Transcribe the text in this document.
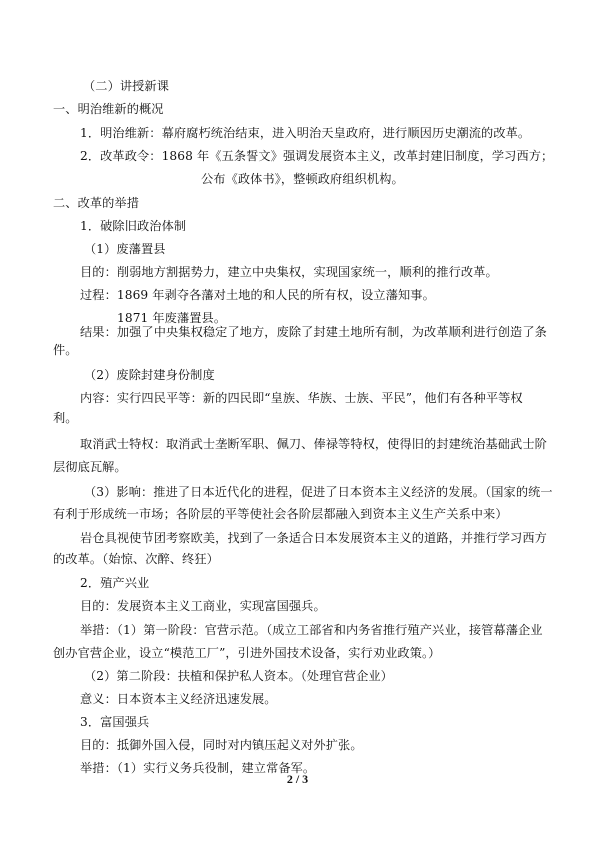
（二）讲授新课
一、明治维新的概况
1．明治维新：幕府腐朽统治结束，进入明治天皇政府，进行顺因历史潮流的改革。
2．改革政令：1868 年《五条誓文》强调发展资本主义，改革封建旧制度，学习西方；
公布《政体书》，整顿政府组织机构。
二、改革的举措
1．破除旧政治体制
（1）废藩置县
目的：削弱地方割据势力，建立中央集权，实现国家统一，顺利的推行改革。
过程：1869 年剥夺各藩对土地的和人民的所有权，设立藩知事。
1871 年废藩置县。
结果：加强了中央集权稳定了地方，废除了封建土地所有制，为改革顺利进行创造了条
件。
（2）废除封建身份制度
内容：实行四民平等：新的四民即“皇族、华族、士族、平民”，他们有各种平等权
利。
取消武士特权：取消武士垄断军职、佩刀、俸禄等特权，使得旧的封建统治基础武士阶
层彻底瓦解。
（3）影响：推进了日本近代化的进程，促进了日本资本主义经济的发展。（国家的统一
有利于形成统一市场；各阶层的平等使社会各阶层都融入到资本主义生产关系中来）
岩仓具视使节团考察欧美，找到了一条适合日本发展资本主义的道路，并推行学习西方
的改革。（始惊、次醉、终狂）
2．殖产兴业
目的：发展资本主义工商业，实现富国强兵。
举措：（1）第一阶段：官营示范。（成立工部省和内务省推行殖产兴业，接管幕藩企业
创办官营企业，设立“模范工厂”，引进外国技术设备，实行劝业政策。）
（2）第二阶段：扶植和保护私人资本。（处理官营企业）
意义：日本资本主义经济迅速发展。
3．富国强兵
目的：抵御外国入侵，同时对内镇压起义对外扩张。
举措：（1）实行义务兵役制，建立常备军。
2 / 3
